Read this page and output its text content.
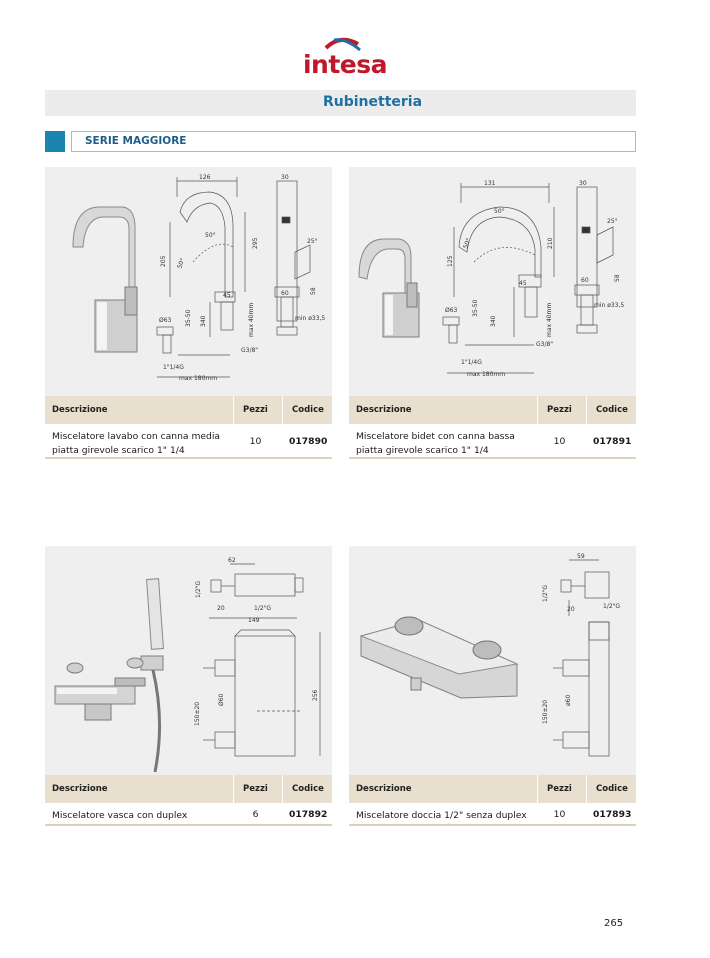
intesa
Rubinetteria
SERIE MAGGIORE
126	30
50°
205
295	25°
50°
45	60	58
Ø63 35-50 340	max 40mm	min ø33,5
G3/8"
1"1/4G
max 180mm
Descrizione	Pezzi	Codice
Miscelatore lavabo con canna media
piatta girevole scarico 1" 1/4
10	017890
131	30
50°
125
210
25°
50°
45	60	58
Ø63 35-50
340	max 40mm	min ø33,5
G3/8"
1"1/4G
max 180mm
Descrizione	Pezzi	Codice
Miscelatore bidet con canna bassa
piatta girevole scarico 1" 1/4
10	017891
62
1/2"G
20	1/2"G
149
150±20
Ø60	256
Descrizione	Pezzi	Codice
Miscelatore vasca con duplex	6	017892
59
1/2"G
20	1/2"G
150±20	ø60
Descrizione	Pezzi	Codice
Miscelatore doccia 1/2" senza duplex	10	017893
265
